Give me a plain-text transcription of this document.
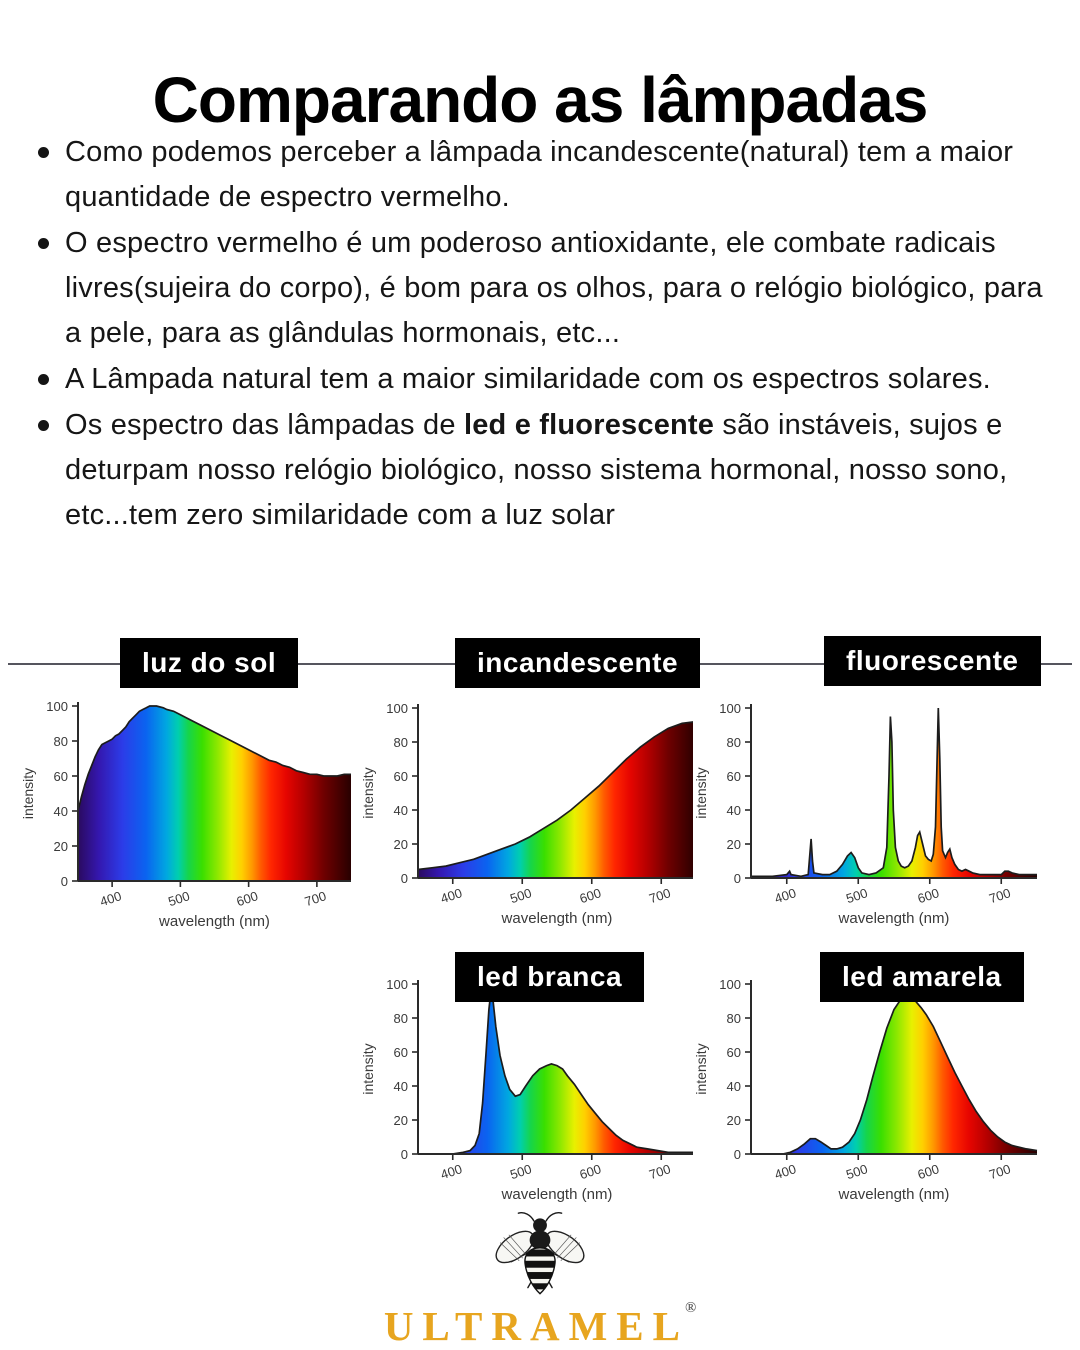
Comparando as lâmpadas
Como podemos perceber a lâmpada incandescente(natural) tem a maior quantidade de espectro vermelho.
O espectro vermelho é um poderoso antioxidante, ele combate radicais livres(sujeira do corpo), é bom para os olhos, para o relógio biológico, para a pele, para as glândulas hormonais, etc...
A Lâmpada natural tem a maior similaridade com os espectros solares.
Os espectro das lâmpadas de led e fluorescente são instáveis, sujos e deturpam nosso relógio biológico, nosso sistema hormonal, nosso sono, etc...tem zero similaridade com a luz solar
luz do sol	incandescente	fluorescente
led branca	led amarela
0
20
40
60
80
100
400	500	600	700
intensity
wavelength (nm)
0
20
40
60
80
100
400	500	600	700
intensity
wavelength (nm)
0
20
40
60
80
100
400	500	600	700
intensity
wavelength (nm)
0
20
40
60
80
100
400	500	600	700
intensity
wavelength (nm)
0
20
40
60
80
100
400	500	600	700
intensity
wavelength (nm)
ULTRAMEL®
